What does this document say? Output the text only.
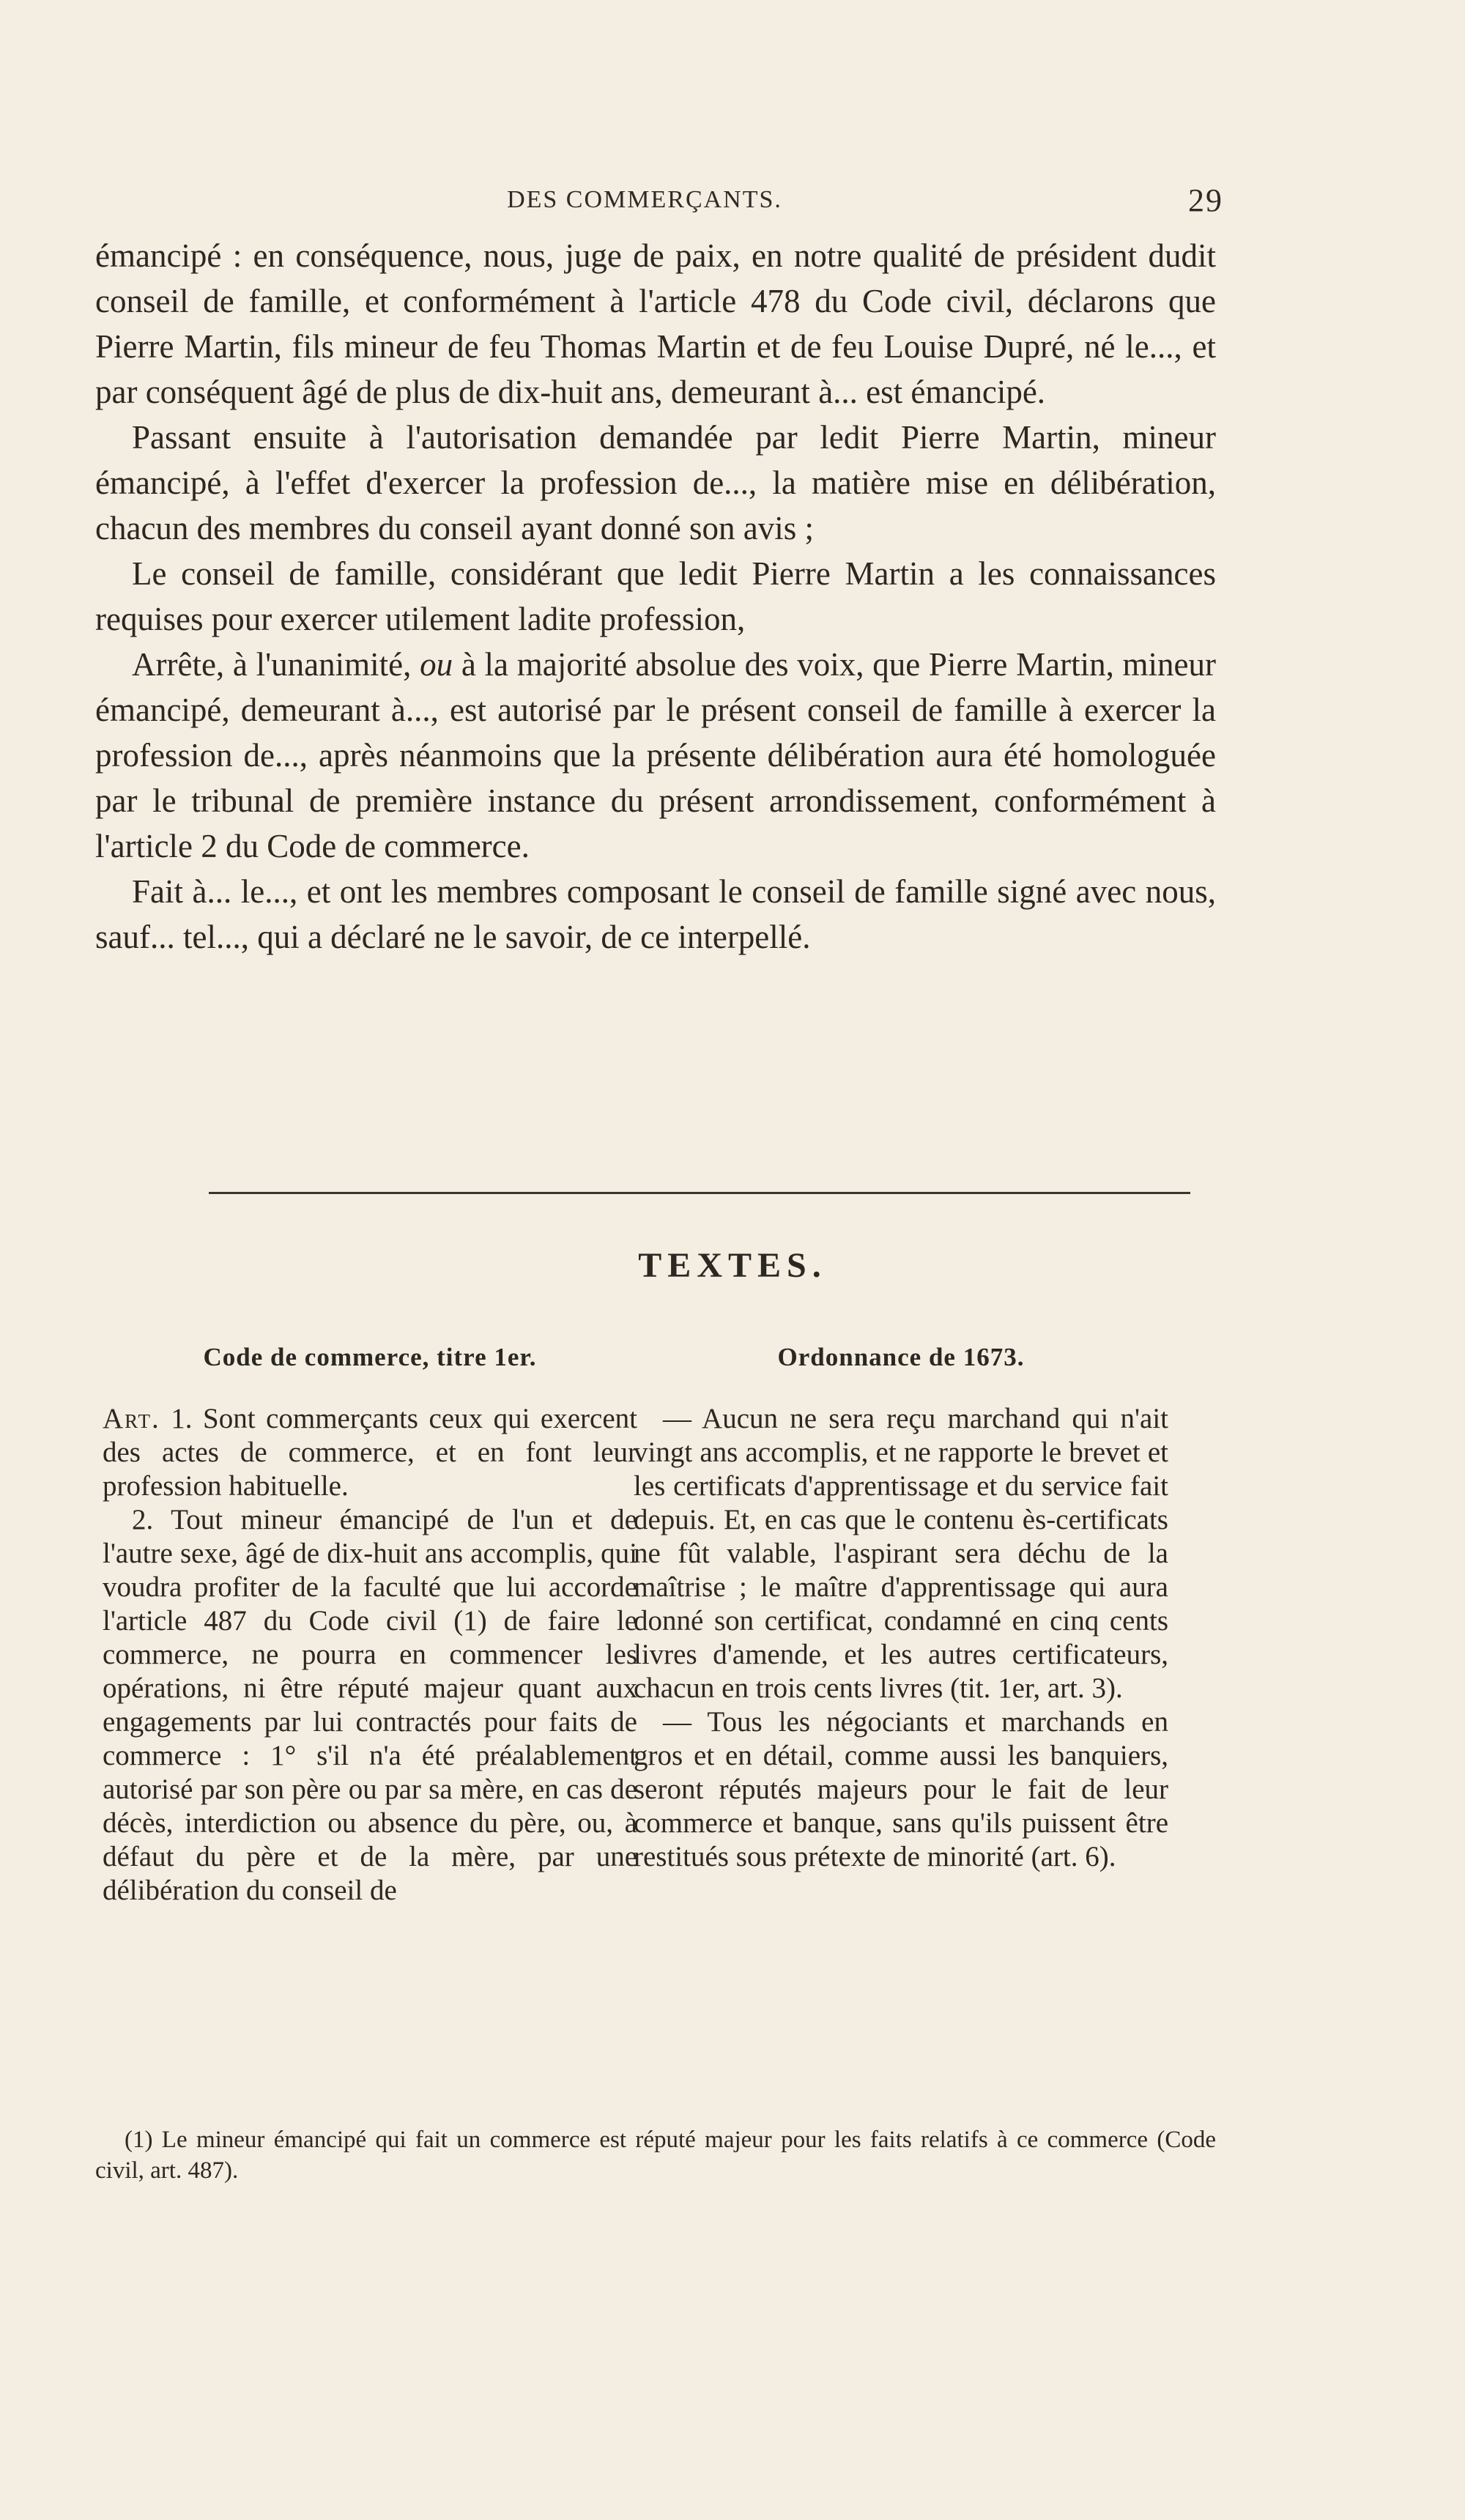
DES COMMERÇANTS.	29

émancipé : en conséquence, nous, juge de paix, en notre qualité de président dudit conseil de famille, et conformément à l'article 478 du Code civil, déclarons que Pierre Martin, fils mineur de feu Thomas Martin et de feu Louise Dupré, né le..., et par conséquent âgé de plus de dix-huit ans, demeurant à... est émancipé.

Passant ensuite à l'autorisation demandée par ledit Pierre Martin, mineur émancipé, à l'effet d'exercer la profession de..., la matière mise en délibération, chacun des membres du conseil ayant donné son avis ;

Le conseil de famille, considérant que ledit Pierre Martin a les connaissances requises pour exercer utilement ladite profession,

Arrête, à l'unanimité, ou à la majorité absolue des voix, que Pierre Martin, mineur émancipé, demeurant à..., est autorisé par le présent conseil de famille à exercer la profession de..., après néanmoins que la présente délibération aura été homologuée par le tribunal de première instance du présent arrondissement, conformément à l'article 2 du Code de commerce.

Fait à... le..., et ont les membres composant le conseil de famille signé avec nous, sauf... tel..., qui a déclaré ne le savoir, de ce interpellé.

TEXTES.
Code de commerce, titre 1er.

Art. 1. Sont commerçants ceux qui exercent des actes de commerce, et en font leur profession habituelle.

2. Tout mineur émancipé de l'un et de l'autre sexe, âgé de dix-huit ans accomplis, qui voudra profiter de la faculté que lui accorde l'article 487 du Code civil (1) de faire le commerce, ne pourra en commencer les opérations, ni être réputé majeur quant aux engagements par lui contractés pour faits de commerce : 1° s'il n'a été préalablement autorisé par son père ou par sa mère, en cas de décès, interdiction ou absence du père, ou, à défaut du père et de la mère, par une délibération du conseil de

Ordonnance de 1673.

— Aucun ne sera reçu marchand qui n'ait vingt ans accomplis, et ne rapporte le brevet et les certificats d'apprentissage et du service fait depuis. Et, en cas que le contenu ès-certificats ne fût valable, l'aspirant sera déchu de la maîtrise ; le maître d'apprentissage qui aura donné son certificat, condamné en cinq cents livres d'amende, et les autres certificateurs, chacun en trois cents livres (tit. 1er, art. 3).

— Tous les négociants et marchands en gros et en détail, comme aussi les banquiers, seront réputés majeurs pour le fait de leur commerce et banque, sans qu'ils puissent être restitués sous prétexte de minorité (art. 6).

(1) Le mineur émancipé qui fait un commerce est réputé majeur pour les faits relatifs à ce commerce (Code civil, art. 487).
